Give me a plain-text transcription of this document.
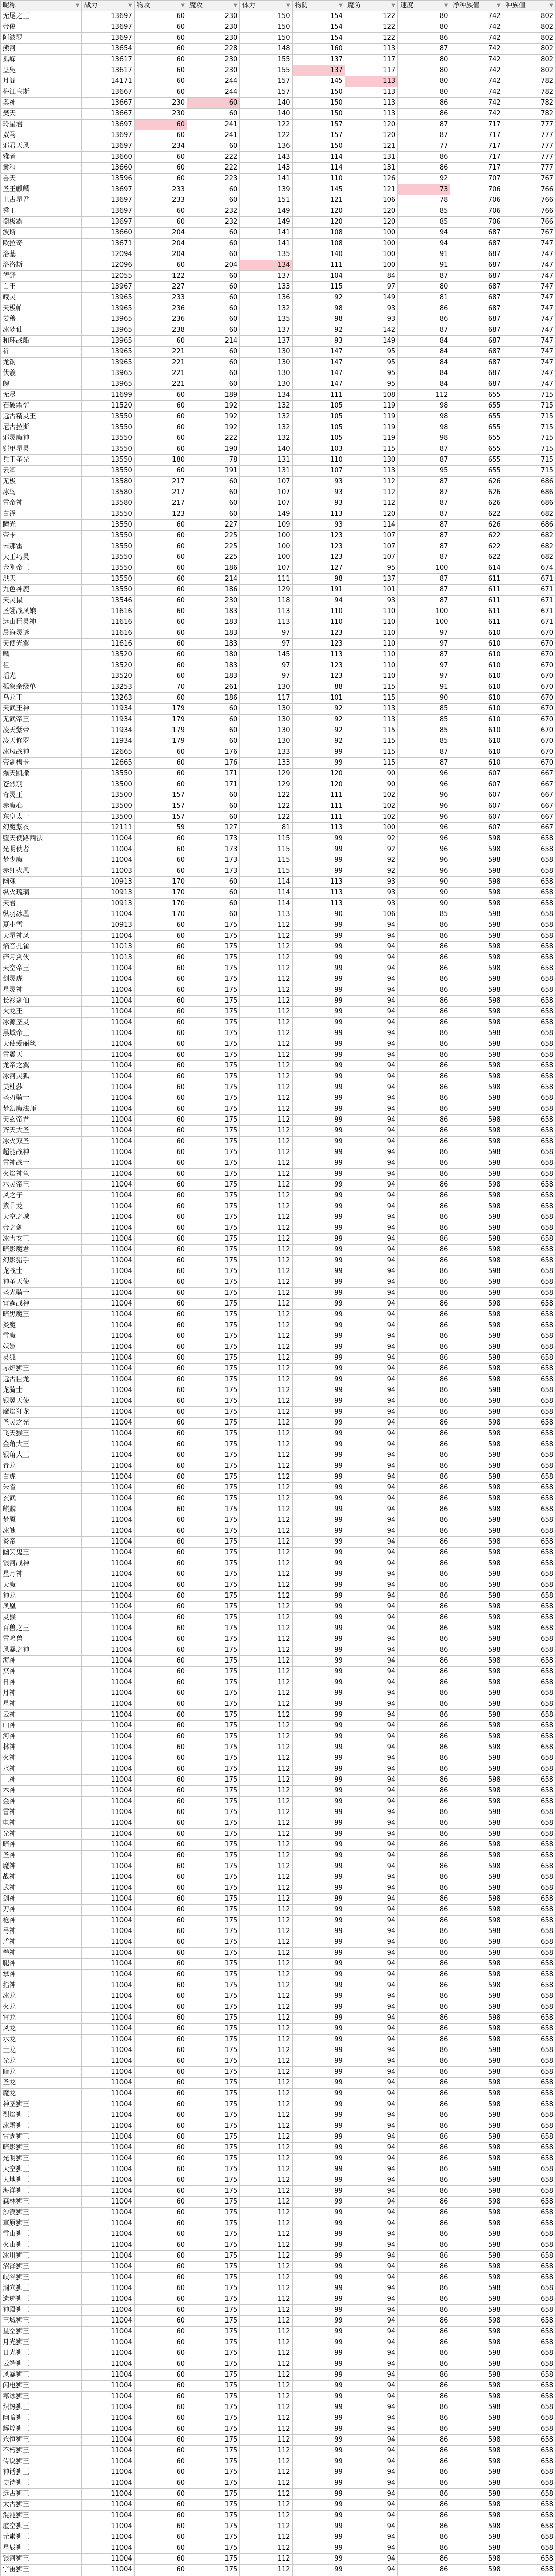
昵称 ▼	战力 ▼	物攻 ▼	魔攻 ▼	体力 ▼	物防 ▼	魔防 ▼	速度 ▼	净种族值 ▼	种族值 ▼

无尾之王	13697	60	230	150	154	122	80	742	802
帝俊	13697	60	230	150	154	122	80	742	802
阿波罗	13697	60	230	150	154	122	86	742	802
熊河	13654	60	228	148	160	113	87	742	802
孤嵘	13617	60	230	155	137	117	80	742	802
蛊凫	13617	60	230	155	137	117	80	742	802
月阁	14171	60	244	157	145	113	80	742	782
梅江乌斯	13667	60	244	157	150	113	80	742	782
奥神	13667	230	60	140	150	113	86	742	782
樊天	13667	230	60	140	150	113	86	742	782
玲星君	13697	60	241	122	157	120	87	717	777
双马	13697	60	241	122	157	120	87	717	777
邪君天风	13697	234	60	136	150	121	77	717	777
雅者	13660	60	222	143	114	131	86	717	777
囊和	13660	60	222	143	114	131	86	717	777
兽天	13596	60	223	141	110	126	92	707	767
圣王麒麟	13697	233	60	139	145	121	73	706	766
上古星君	13697	233	60	151	121	106	78	706	766
秀丁	13697	60	232	149	120	120	85	706	766
衡极霸	13697	60	232	149	120	120	85	706	766
波斯	13660	204	60	141	108	100	94	687	767
欧拉奇	13671	204	60	141	108	100	94	687	747
洛基	12094	204	60	135	140	100	91	687	747
洛洛斯	12096	60	204	134	111	100	91	687	747
望舒	12055	122	60	137	104	84	87	687	747
白王	13967	227	60	133	115	97	80	687	747
藏灵	13965	233	60	136	92	149	81	687	747
天极帕	13965	236	60	132	98	93	86	687	747
姜穆	13965	236	60	135	98	93	86	687	747
冰梦仙	13965	238	60	137	92	142	87	687	747
和环战船	13965	60	214	137	93	149	84	687	747
祈	13965	221	60	130	147	95	84	687	747
龙钢	13965	221	60	130	147	95	84	687	747
伏羲	13965	221	60	130	147	95	84	687	747
魄	13965	221	60	130	147	95	84	687	747
无尽	11699	60	189	134	111	108	112	655	715
石破霜衍	11520	60	192	132	105	119	98	655	715
远古精灵王	13550	60	192	132	105	119	98	655	715
尼古拉斯	13550	60	192	132	105	119	98	655	715
邪灵魔神	13550	60	222	132	105	119	98	655	715
铠甲星灵	13550	60	190	140	103	115	87	655	715
兵王圣光	13550	180	78	131	110	130	87	655	715
云卿	13550	60	191	131	107	113	95	655	715
无极	13580	217	60	107	93	112	87	626	686
冰鸟	13580	217	60	107	93	112	87	626	686
雷帝神	13580	217	60	107	93	112	87	626	686
白泽	13550	123	60	149	113	120	87	622	682
瞳光	13550	60	227	109	93	114	87	626	686
帝卡	13550	60	225	100	123	107	87	622	682
末那雷	13550	60	225	100	123	107	87	622	682
天王巧灵	13550	60	225	100	123	107	87	622	682
金刚帝王	13550	60	186	107	127	95	100	614	674
洪天	13550	60	214	111	98	137	87	611	671
九色神鹿	13550	60	186	129	191	101	87	611	671
天灵鼠	13546	60	230	118	94	93	87	611	671
圣翎战凤娘	11616	60	183	113	110	110	100	611	671
远山巨灵神	11616	60	183	113	110	110	100	611	671
晨海灵谜	11616	60	183	97	123	110	97	610	670
天使光翼	11616	60	183	97	123	110	97	610	670
麟	13520	60	180	145	113	110	87	610	670
祖	13520	60	183	97	123	110	97	610	670
瑶光	13520	60	183	97	123	110	97	610	670
孤叙余级单	13253	70	261	130	88	115	91	610	670
乌龙王	13263	60	186	117	101	115	90	610	670
天武王神	11934	179	60	130	92	113	85	610	670
无武帝王	11934	179	60	130	92	113	85	610	670
凌天紫帝	11934	179	60	130	92	115	85	610	670
凌天修罗	11934	179	60	130	92	115	85	610	670
冰凤战神	12665	60	176	133	99	115	87	610	670
帝剑梅卡	12665	60	176	133	99	115	87	610	670
爆天凯撒	13550	60	171	129	120	90	96	607	667
苍烈羽	13500	60	171	129	120	90	96	607	667
奇灵王	13500	157	60	122	111	102	96	607	667
赤魔心	13500	157	60	122	111	102	96	607	667
东皇太一	13500	157	60	122	111	102	96	607	667
幻魔紫衣	12111	59	127	81	113	100	96	607	667
堕天使路西法	11004	60	173	115	99	92	96	598	658
光明使者	11004	60	173	115	99	92	96	598	658
梦少魔	11004	60	173	115	99	92	96	598	658
赤红火凰	11003	60	173	115	99	92	96	598	658
幽魂	10913	170	60	114	113	93	90	598	658
纵火琉璃	10913	170	60	114	113	93	90	598	658
天君	10913	170	60	114	113	93	90	598	658
纵羽冰凰	11004	170	60	113	90	106	85	598	658
夏小雪	10913	60	175	112	99	94	86	598	658
天星神凤	11004	60	175	112	99	94	86	598	658
焰音孔雀	11013	60	175	112	99	94	86	598	658
碎月剑侠	11013	60	175	112	99	94	86	598	658
天空帝王	11004	60	175	112	99	94	86	598	658
剑灵虎	11004	60	175	112	99	94	86	598	658
星灵神	11004	60	175	112	99	94	86	598	658
长衫剑仙	11004	60	175	112	99	94	86	598	658
火龙王	11004	60	175	112	99	94	86	598	658
冰源圣灵	11004	60	175	112	99	94	86	598	658
黑域帝王	11004	60	175	112	99	94	86	598	658
天使爱丽丝	11004	60	175	112	99	94	86	598	658
雷震天	11004	60	175	112	99	94	86	598	658
龙帝之翼	11004	60	175	112	99	94	86	598	658
冰河灵狐	11004	60	175	112	99	94	86	598	658
美杜莎	11004	60	175	112	99	94	86	598	658
圣刃骑士	11004	60	175	112	99	94	86	598	658
梦幻魔法师	11004	60	175	112	99	94	86	598	658
天玄帝君	11004	60	175	112	99	94	86	598	658
齐天大圣	11004	60	175	112	99	94	86	598	658
冰火双圣	11004	60	175	112	99	94	86	598	658
超能战神	11004	60	175	112	99	94	86	598	658
雷神战士	11004	60	175	112	99	94	86	598	658
火焰神龟	11004	60	175	112	99	94	86	598	658
水灵帝王	11004	60	175	112	99	94	86	598	658
风之子	11004	60	175	112	99	94	86	598	658
紫晶龙	11004	60	175	112	99	94	86	598	658
天空之城	11004	60	175	112	99	94	86	598	658
帝之剑	11004	60	175	112	99	94	86	598	658
冰雪女王	11004	60	175	112	99	94	86	598	658
暗影魔君	11004	60	175	112	99	94	86	598	658
幻影猎手	11004	60	175	112	99	94	86	598	658
龙战士	11004	60	175	112	99	94	86	598	658
神圣天使	11004	60	175	112	99	94	86	598	658
圣光骑士	11004	60	175	112	99	94	86	598	658
雷霆战神	11004	60	175	112	99	94	86	598	658
暗黑魔王	11004	60	175	112	99	94	86	598	658
炎魔	11004	60	175	112	99	94	86	598	658
雪魔	11004	60	175	112	99	94	86	598	658
妖姬	11004	60	175	112	99	94	86	598	658
灵狐	11004	60	175	112	99	94	86	598	658
赤焰狮王	11004	60	175	112	99	94	86	598	658
远古巨龙	11004	60	175	112	99	94	86	598	658
龙骑士	11004	60	175	112	99	94	86	598	658
银翼天使	11004	60	175	112	99	94	86	598	658
魔焰狂龙	11004	60	175	112	99	94	86	598	658
圣灵之光	11004	60	175	112	99	94	86	598	658
飞天猴王	11004	60	175	112	99	94	86	598	658
金角大王	11004	60	175	112	99	94	86	598	658
银角大王	11004	60	175	112	99	94	86	598	658
青龙	11004	60	175	112	99	94	86	598	658
白虎	11004	60	175	112	99	94	86	598	658
朱雀	11004	60	175	112	99	94	86	598	658
玄武	11004	60	175	112	99	94	86	598	658
麒麟	11004	60	175	112	99	94	86	598	658
梦魇	11004	60	175	112	99	94	86	598	658
冰魄	11004	60	175	112	99	94	86	598	658
炎帝	11004	60	175	112	99	94	86	598	658
幽冥鬼王	11004	60	175	112	99	94	86	598	658
银河战神	11004	60	175	112	99	94	86	598	658
星月神	11004	60	175	112	99	94	86	598	658
天魔	11004	60	175	112	99	94	86	598	658
神龙	11004	60	175	112	99	94	86	598	658
凤凰	11004	60	175	112	99	94	86	598	658
灵猴	11004	60	175	112	99	94	86	598	658
百兽之王	11004	60	175	112	99	94	86	598	658
雷鸣兽	11004	60	175	112	99	94	86	598	658
风暴之神	11004	60	175	112	99	94	86	598	658
海神	11004	60	175	112	99	94	86	598	658
冥神	11004	60	175	112	99	94	86	598	658
日神	11004	60	175	112	99	94	86	598	658
月神	11004	60	175	112	99	94	86	598	658
星神	11004	60	175	112	99	94	86	598	658
云神	11004	60	175	112	99	94	86	598	658
山神	11004	60	175	112	99	94	86	598	658
河神	11004	60	175	112	99	94	86	598	658
林神	11004	60	175	112	99	94	86	598	658
火神	11004	60	175	112	99	94	86	598	658
水神	11004	60	175	112	99	94	86	598	658
土神	11004	60	175	112	99	94	86	598	658
木神	11004	60	175	112	99	94	86	598	658
金神	11004	60	175	112	99	94	86	598	658
雷神	11004	60	175	112	99	94	86	598	658
电神	11004	60	175	112	99	94	86	598	658
光神	11004	60	175	112	99	94	86	598	658
暗神	11004	60	175	112	99	94	86	598	658
圣神	11004	60	175	112	99	94	86	598	658
魔神	11004	60	175	112	99	94	86	598	658
战神	11004	60	175	112	99	94	86	598	658
武神	11004	60	175	112	99	94	86	598	658
剑神	11004	60	175	112	99	94	86	598	658
刀神	11004	60	175	112	99	94	86	598	658
枪神	11004	60	175	112	99	94	86	598	658
弓神	11004	60	175	112	99	94	86	598	658
盾神	11004	60	175	112	99	94	86	598	658
拳神	11004	60	175	112	99	94	86	598	658
腿神	11004	60	175	112	99	94	86	598	658
掌神	11004	60	175	112	99	94	86	598	658
指神	11004	60	175	112	99	94	86	598	658
冰龙	11004	60	175	112	99	94	86	598	658
火龙	11004	60	175	112	99	94	86	598	658
雷龙	11004	60	175	112	99	94	86	598	658
风龙	11004	60	175	112	99	94	86	598	658
水龙	11004	60	175	112	99	94	86	598	658
土龙	11004	60	175	112	99	94	86	598	658
光龙	11004	60	175	112	99	94	86	598	658
暗龙	11004	60	175	112	99	94	86	598	658
圣龙	11004	60	175	112	99	94	86	598	658
魔龙	11004	60	175	112	99	94	86	598	658
神圣狮王	11004	60	175	112	99	94	86	598	658
烈焰狮王	11004	60	175	112	99	94	86	598	658
冰霜狮王	11004	60	175	112	99	94	86	598	658
雷霆狮王	11004	60	175	112	99	94	86	598	658
暗影狮王	11004	60	175	112	99	94	86	598	658
光明狮王	11004	60	175	112	99	94	86	598	658
天空狮王	11004	60	175	112	99	94	86	598	658
大地狮王	11004	60	175	112	99	94	86	598	658
海洋狮王	11004	60	175	112	99	94	86	598	658
森林狮王	11004	60	175	112	99	94	86	598	658
沙漠狮王	11004	60	175	112	99	94	86	598	658
草原狮王	11004	60	175	112	99	94	86	598	658
雪山狮王	11004	60	175	112	99	94	86	598	658
火山狮王	11004	60	175	112	99	94	86	598	658
冰川狮王	11004	60	175	112	99	94	86	598	658
沼泽狮王	11004	60	175	112	99	94	86	598	658
峡谷狮王	11004	60	175	112	99	94	86	598	658
洞穴狮王	11004	60	175	112	99	94	86	598	658
遗迹狮王	11004	60	175	112	99	94	86	598	658
神殿狮王	11004	60	175	112	99	94	86	598	658
王城狮王	11004	60	175	112	99	94	86	598	658
星空狮王	11004	60	175	112	99	94	86	598	658
月光狮王	11004	60	175	112	99	94	86	598	658
日光狮王	11004	60	175	112	99	94	86	598	658
云端狮王	11004	60	175	112	99	94	86	598	658
风暴狮王	11004	60	175	112	99	94	86	598	658
闪电狮王	11004	60	175	112	99	94	86	598	658
寒冰狮王	11004	60	175	112	99	94	86	598	658
炽热狮王	11004	60	175	112	99	94	86	598	658
幽暗狮王	11004	60	175	112	99	94	86	598	658
辉煌狮王	11004	60	175	112	99	94	86	598	658
永恒狮王	11004	60	175	112	99	94	86	598	658
不朽狮王	11004	60	175	112	99	94	86	598	658
传说狮王	11004	60	175	112	99	94	86	598	658
神话狮王	11004	60	175	112	99	94	86	598	658
史诗狮王	11004	60	175	112	99	94	86	598	658
远古狮王	11004	60	175	112	99	94	86	598	658
太古狮王	11004	60	175	112	99	94	86	598	658
混沌狮王	11004	60	175	112	99	94	86	598	658
虚空狮王	11004	60	175	112	99	94	86	598	658
元素狮王	11004	60	175	112	99	94	86	598	658
星辰狮王	11004	60	175	112	99	94	86	598	658
银河狮王	11004	60	175	112	99	94	86	598	658
宇宙狮王	11004	60	175	112	99	94	86	598	658
